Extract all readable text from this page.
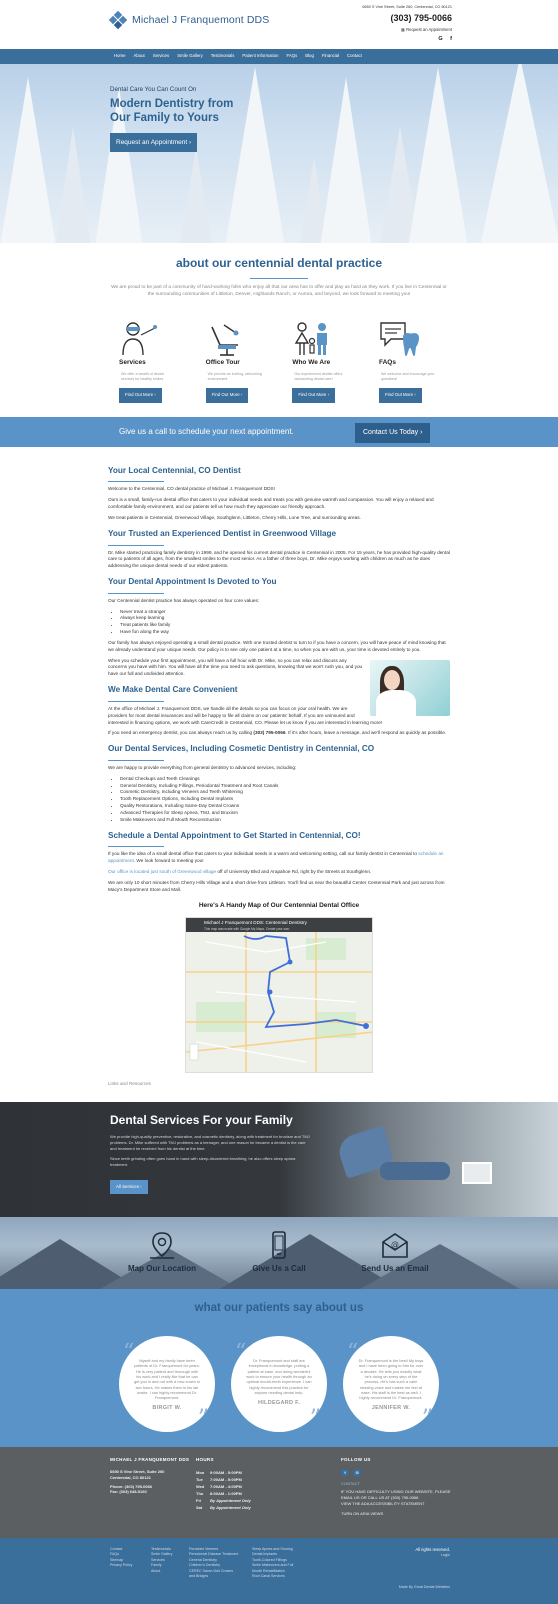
Michael J Franquemont DDS
6650 S Vine Street, Suite 260, Centennial, CO 80121
(303) 795-0066
▦ Request an Appointment
G f
Home About Services Smile Gallery Testimonials Patient Information FAQs Blog Financial Contact
Dental Care You Can Count On
Modern Dentistry from
Our Family to Yours
Request an Appointment ›
about our centennial dental practice

We are proud to be part of a community of hard-working folks who enjoy all that our area has to offer and play as hard as they work. If you live in Centennial or the surrounding communities of Littleton, Denver, Highlands Ranch, or Aurora, and beyond, we look forward to meeting you!

Services

We offer a wealth of dental services for healthy smiles

Find Out More ›
Office Tour

We provide an inviting, welcoming environment

Find Out More ›
Who We Are

Our experienced dentist offers outstanding dental care!

Find Out More ›
FAQs

We welcome and encourage your questions!

Find Out More ›
Give us a call to schedule your next appointment.	Contact Us Today ›
Your Local Centennial, CO Dentist

Welcome to the Centennial, CO dental practice of Michael J. Franquemont DDS!

Ours is a small, family-run dental office that caters to your individual needs and treats you with genuine warmth and compassion. You will enjoy a relaxed and comfortable family environment, and our patients tell us how much they appreciate our friendly approach.

We treat patients in Centennial, Greenwood Village, Southglenn, Littleton, Cherry Hills, Lone Tree, and surrounding areas.

Your Trusted an Experienced Dentist in Greenwood Village

Dr. Mike started practicing family dentistry in 1999, and he opened his current dental practice in Centennial in 2005. For 15 years, he has provided high-quality dental care to patients of all ages, from the smallest smiles to the most senior. As a father of three boys, Dr. Mike enjoys working with children as much as he does addressing the unique dental needs of our eldest patients.

Your Dental Appointment Is Devoted to You

Our Centennial dentist practice has always operated on four core values:

• Never treat a stranger
• Always keep learning
• Treat patients like family
• Have fun along the way

Our family has always enjoyed operating a small dental practice. With one trusted dentist to turn to if you have a concern, you will have peace of mind knowing that we already understand your unique needs. Our policy is to see only one patient at a time, so when you are with us, your time is devoted entirely to you.

When you schedule your first appointment, you will have a full hour with Dr. Mike, so you can relax and discuss any concerns you have with him. You will have all the time you need to ask questions, knowing that we won't rush you, and you have our full and undivided attention.

We Make Dental Care Convenient

At the office of Michael J. Franquemont DDS, we handle all the details so you can focus on your oral health. We are providers for most dental insurances and will be happy to file all claims on our patients' behalf. If you are uninsured and interested in financing options, we work with CareCredit in Centennial, CO. Please let us know if you are interested in learning more!

If you need an emergency dentist, you can always reach us by calling (303) 795-0066. If it's after hours, leave a message, and we'll respond as quickly as possible.

Our Dental Services, Including Cosmetic Dentistry in Centennial, CO

We are happy to provide everything from general dentistry to advanced services, including:

• Dental Checkups and Teeth Cleanings
• General Dentistry, Including Fillings, Periodontal Treatment and Root Canals
• Cosmetic Dentistry, Including Veneers and Teeth Whitening
• Tooth Replacement Options, Including Dental Implants
• Quality Restorations, Including Same-Day Dental Crowns
• Advanced Therapies for Sleep Apnea, TMJ, and Bruxism
• Smile Makeovers and Full Mouth Reconstruction
Schedule a Dental Appointment to Get Started in Centennial, CO!

If you like the idea of a small dental office that caters to your individual needs in a warm and welcoming setting, call our family dentist in Centennial to schedule an appointment. We look forward to meeting you!

Our office is located just south of Greenwood village off of University Blvd and Arapahoe Rd, right by the Streets at Southglenn.

We are only 10 short minutes from Cherry Hills Village and a short drive from Littleton. You'll find us near the beautiful Center Centennial Park and just across from Macy's Department Store and Mall.

Here's A Handy Map of Our Centennial Dental Office
Michael J Franquemont DDS: Centennial Dentistry
This map was made with Google My Maps. Create your own.
Links and Resources
Dental Services For your Family

We provide high-quality preventive, restorative, and cosmetic dentistry, along with treatment for bruxism and TMJ problems. Dr. Mike suffered with TMJ problems as a teenager, and one reason he became a dentist is the care and treatment he received from his dentist at the time.

Since teeth grinding often goes hand in hand with sleep-disordered breathing, he also offers sleep apnea treatment.

All Services ›
Map Our Location	Give Us a Call
@
Send Us an Email
what our patients say about us
“
”

Myself and my family have been patients of Dr. Franquemont for years. He is very patient and thorough with his work and I really like that he can get you in and out with a new crown in two hours. He makes them in his lab onsite. I can highly recommend Dr. Franquemont.

BIRGIT W.
“
”

Dr. Franquemont and staff are exceptional in knowledge, putting a patient at ease, and doing wonderful work to ensure your health through an optimal mouth-teeth experience. I can highly recommend this practice for anyone needing dental help.

HILDEGARD F.
“
”

Dr. Franquemont is the best! My boys and I have been going to him for over a decade. He tells you exactly what he's doing on every step of the process. He's has such a calm relaxing voice and makes me feel at ease. His staff is the best as well. I highly recommend Dr. Franquemont.

JENNIFER W.
MICHAEL J FRANQUEMONT DDS
6650 S Vine Street, Suite 260
Centennial, CO 80121
Phone: (303) 795-0066
Fax: (303) 648-5160
HOURS
Mon	9:00AM - 5:00PM
Tue	7:00AM - 5:00PM
Wed	7:00AM - 4:00PM
Thu	8:00AM - 1:00PM
Fri	By Appointment Only
Sat	By Appointment Only
FOLLOW US
f G
CONTACT
IF YOU HAVE DIFFICULTY USING OUR WEBSITE, PLEASE EMAIL US OR CALL US AT (303) 795-0066
VIEW THE ADA ACCESSIBILITY STATEMENT
TURN ON ARIA VIEWS
Contact
FAQs
Sitemap
Privacy Policy
Testimonials
Smile Gallery
Services
Family
About
Porcelain Veneers
Periodontal Disease Treatment
General Dentistry
Children's Dentistry
CEREC Same-Visit Crowns and Bridges
Sleep Apnea and Snoring
Dental Implants
Tooth-Colored Fillings
Smile Makeovers and Full Mouth Rehabilitation
Root Canal Services
All rights reserved.
Login
Made By Great Dental Websites
